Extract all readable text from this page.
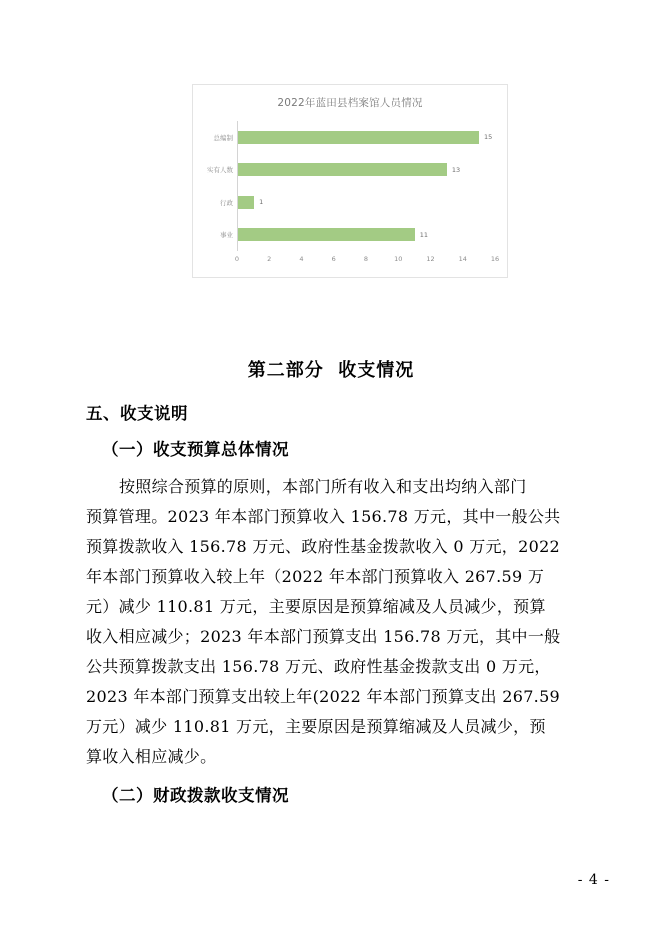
2022年蓝田县档案馆人员情况
总编制	15
实有人数	13
行政	1
事业	11
0	2	4	6	8	10	12	14	16
第二部分  收支情况
五、收支说明
（一）收支预算总体情况
按照综合预算的原则，本部门所有收入和支出均纳入部门
预算管理。2023 年本部门预算收入 156.78 万元，其中一般公共
预算拨款收入 156.78 万元、政府性基金拨款收入 0 万元，2022
年本部门预算收入较上年（2022 年本部门预算收入 267.59 万
元）减少 110.81 万元，主要原因是预算缩减及人员减少，预算
收入相应减少；2023 年本部门预算支出 156.78 万元，其中一般
公共预算拨款支出 156.78 万元、政府性基金拨款支出 0 万元，
2023 年本部门预算支出较上年(2022 年本部门预算支出 267.59
万元）减少 110.81 万元，主要原因是预算缩减及人员减少，预
算收入相应减少。
（二）财政拨款收支情况
- 4 -
